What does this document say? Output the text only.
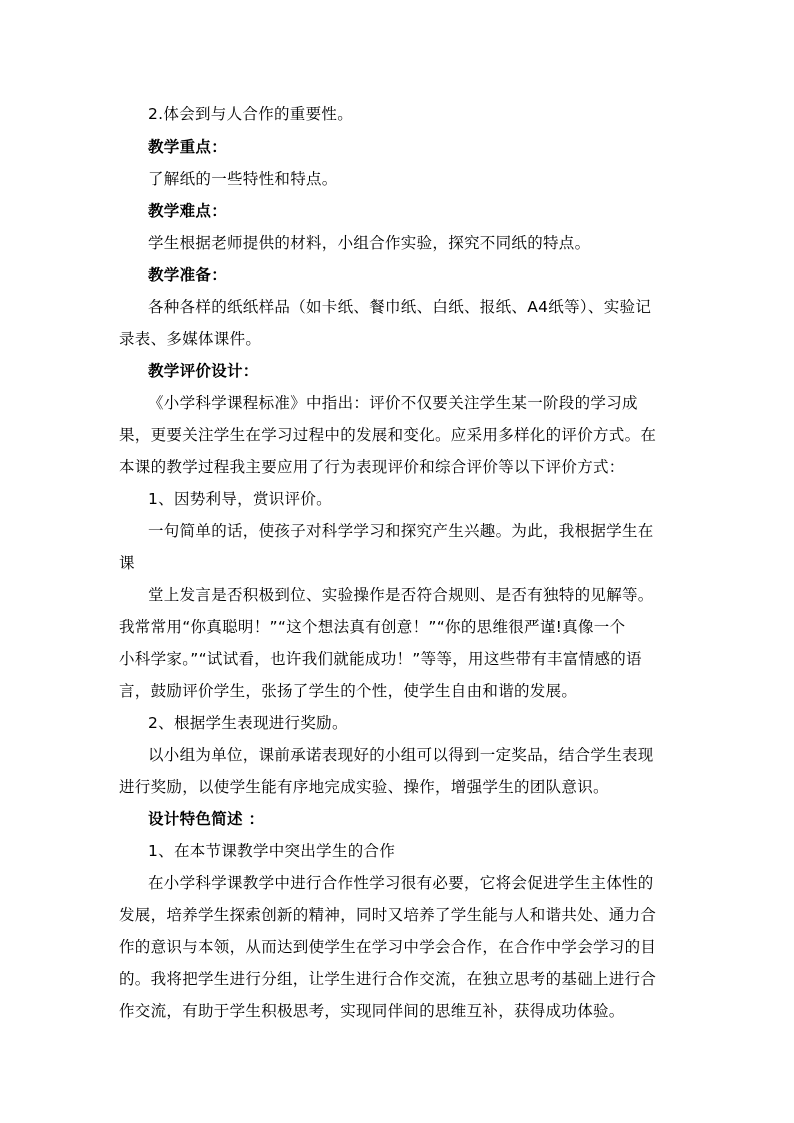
2.体会到与人合作的重要性。
教学重点：
了解纸的一些特性和特点。
教学难点：
学生根据老师提供的材料，小组合作实验，探究不同纸的特点。
教学准备：
各种各样的纸纸样品（如卡纸、餐巾纸、白纸、报纸、A4纸等）、实验记
录表、多媒体课件。
教学评价设计：
《小学科学课程标准》中指出：评价不仅要关注学生某一阶段的学习成
果，更要关注学生在学习过程中的发展和变化。应采用多样化的评价方式。在
本课的教学过程我主要应用了行为表现评价和综合评价等以下评价方式：
1、因势利导，赏识评价。
一句简单的话，使孩子对科学学习和探究产生兴趣。为此，我根据学生在
课
堂上发言是否积极到位、实验操作是否符合规则、是否有独特的见解等。
我常常用“你真聪明！”“这个想法真有创意！”“你的思维很严谨!真像一个
小科学家。”“试试看，也许我们就能成功！”等等，用这些带有丰富情感的语
言，鼓励评价学生，张扬了学生的个性，使学生自由和谐的发展。
2、根据学生表现进行奖励。
以小组为单位，课前承诺表现好的小组可以得到一定奖品，结合学生表现
进行奖励，以使学生能有序地完成实验、操作，增强学生的团队意识。
设计特色简述 ：
1、在本节课教学中突出学生的合作
在小学科学课教学中进行合作性学习很有必要，它将会促进学生主体性的
发展，培养学生探索创新的精神，同时又培养了学生能与人和谐共处、通力合
作的意识与本领，从而达到使学生在学习中学会合作，在合作中学会学习的目
的。我将把学生进行分组，让学生进行合作交流，在独立思考的基础上进行合
作交流，有助于学生积极思考，实现同伴间的思维互补，获得成功体验。
